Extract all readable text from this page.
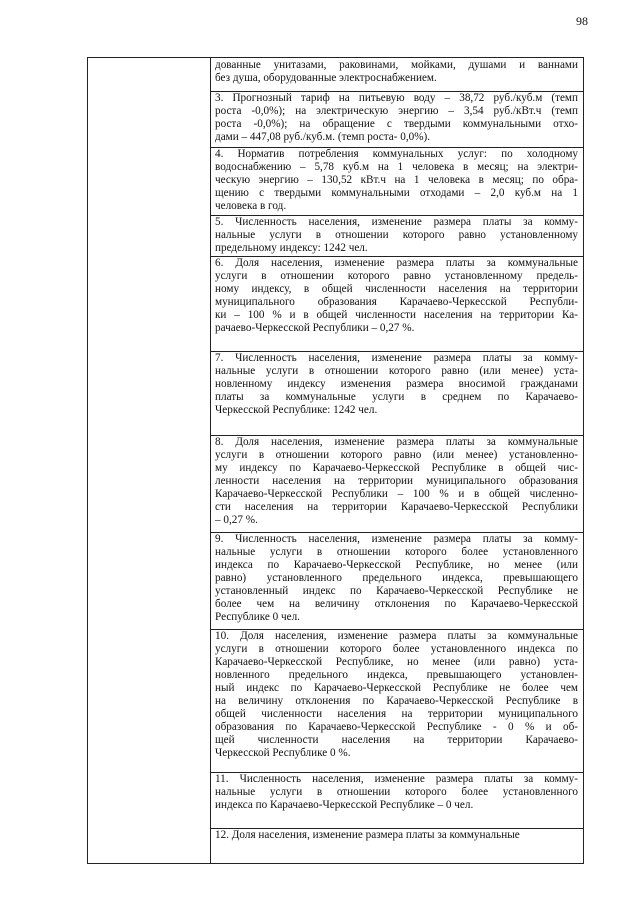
98
дованные унитазами, раковинами, мойками, душами и ваннами
без душа, оборудованные электроснабжением.
3. Прогнозный тариф на питьевую воду – 38,72 руб./куб.м (темп
роста -0,0%); на электрическую энергию – 3,54 руб./кВт.ч (темп
роста -0,0%); на обращение с твердыми коммунальными отхо-
дами – 447,08 руб./куб.м. (темп роста- 0,0%).
4. Норматив потребления коммунальных услуг: по холодному
водоснабжению – 5,78 куб.м на 1 человека в месяц; на электри-
ческую энергию – 130,52 кВт.ч на 1 человека в месяц; по обра-
щению с твердыми коммунальными отходами – 2,0 куб.м на 1
человека в год.
5. Численность населения, изменение размера платы за комму-
нальные услуги в отношении которого равно установленному
предельному индексу: 1242 чел.
6. Доля населения, изменение размера платы за коммунальные
услуги в отношении которого равно установленному предель-
ному индексу, в общей численности населения на территории
муниципального образования Карачаево-Черкесской Республи-
ки – 100 % и в общей численности населения на территории Ка-
рачаево-Черкесской Республики – 0,27 %.
7. Численность населения, изменение размера платы за комму-
нальные услуги в отношении которого равно (или менее) уста-
новленному индексу изменения размера вносимой гражданами
платы за коммунальные услуги в среднем по Карачаево-
Черкесской Республике: 1242 чел.
8. Доля населения, изменение размера платы за коммунальные
услуги в отношении которого равно (или менее) установленно-
му индексу по Карачаево-Черкесской Республике в общей чис-
ленности населения на территории муниципального образования
Карачаево-Черкесской Республики – 100 % и в общей численно-
сти населения на территории Карачаево-Черкесской Республики
– 0,27 %.
9. Численность населения, изменение размера платы за комму-
нальные услуги в отношении которого более установленного
индекса по Карачаево-Черкесской Республике, но менее (или
равно) установленного предельного индекса, превышающего
установленный индекс по Карачаево-Черкесской Республике не
более чем на величину отклонения по Карачаево-Черкесской
Республике 0 чел.
10. Доля населения, изменение размера платы за коммунальные
услуги в отношении которого более установленного индекса по
Карачаево-Черкесской Республике, но менее (или равно) уста-
новленного предельного индекса, превышающего установлен-
ный индекс по Карачаево-Черкесской Республике не более чем
на величину отклонения по Карачаево-Черкесской Республике в
общей численности населения на территории муниципального
образования по Карачаево-Черкесской Республике - 0 % и об-
щей численности населения на территории Карачаево-
Черкесской Республике 0 %.
11. Численность населения, изменение размера платы за комму-
нальные услуги в отношении которого более установленного
индекса по Карачаево-Черкесской Республике – 0 чел.
12. Доля населения, изменение размера платы за коммунальные
